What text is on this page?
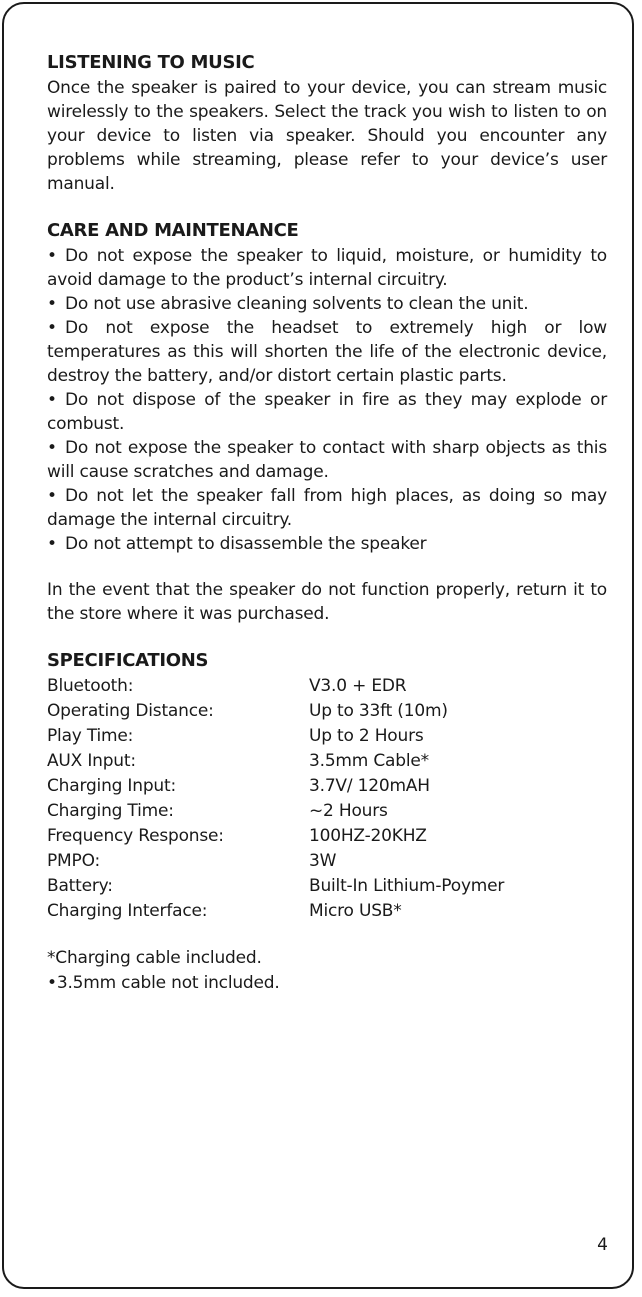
LISTENING TO MUSIC

Once the speaker is paired to your device, you can stream music wirelessly to the speakers. Select the track you wish to listen to on your device to listen via speaker. Should you encounter any problems while streaming, please refer to your device’s user manual.

CARE AND MAINTENANCE
• Do not expose the speaker to liquid, moisture, or humidity to avoid damage to the product’s internal circuitry.
• Do not use abrasive cleaning solvents to clean the unit.
• Do not expose the headset to extremely high or low temperatures as this will shorten the life of the electronic device, destroy the battery, and/or distort certain plastic parts.
• Do not dispose of the speaker in fire as they may explode or combust.
• Do not expose the speaker to contact with sharp objects as this will cause scratches and damage.
• Do not let the speaker fall from high places, as doing so may damage the internal circuitry.
• Do not attempt to disassemble the speaker

In the event that the speaker do not function properly, return it to the store where it was purchased.

SPECIFICATIONS
Bluetooth:	V3.0 + EDR
Operating Distance:	Up to 33ft (10m)
Play Time:	Up to 2 Hours
AUX Input:	3.5mm Cable*
Charging Input:	3.7V/ 120mAH
Charging Time:	~2 Hours
Frequency Response:	100HZ-20KHZ
PMPO:	3W
Battery:	Built-In Lithium-Poymer
Charging Interface:	Micro USB*

*Charging cable included.

•3.5mm cable not included.

4
